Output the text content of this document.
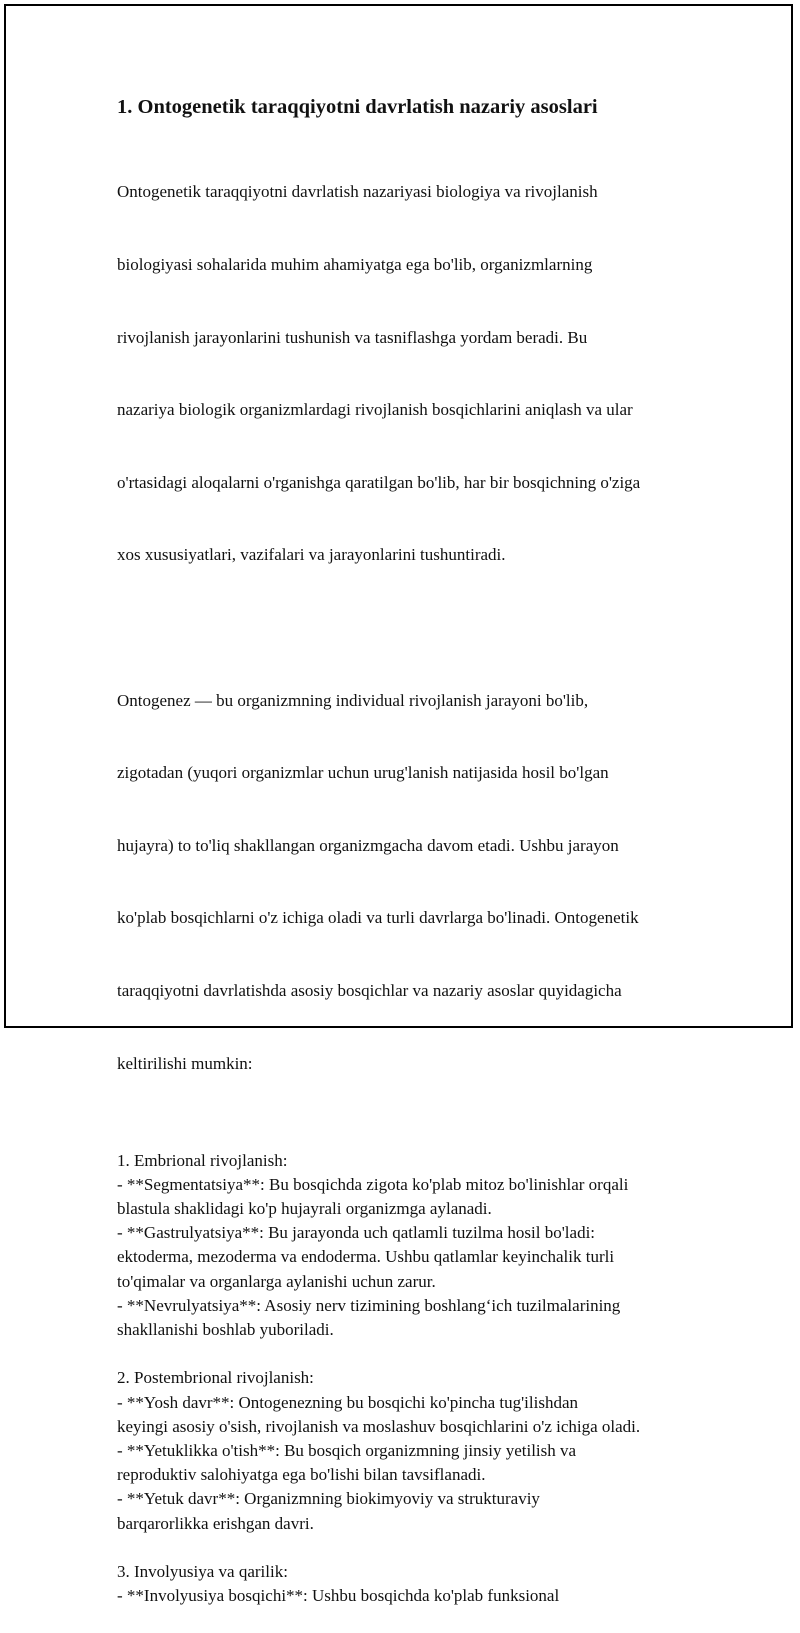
1. Ontogenetik taraqqiyotni davrlatish nazariy asoslari

Ontogenetik taraqqiyotni davrlatish nazariyasi biologiya va rivojlanish

biologiyasi sohalarida muhim ahamiyatga ega bo'lib, organizmlarning

rivojlanish jarayonlarini tushunish va tasniflashga yordam beradi. Bu

nazariya biologik organizmlardagi rivojlanish bosqichlarini aniqlash va ular

o'rtasidagi aloqalarni o'rganishga qaratilgan bo'lib, har bir bosqichning o'ziga

xos xususiyatlari, vazifalari va jarayonlarini tushuntiradi.

Ontogenez — bu organizmning individual rivojlanish jarayoni bo'lib,

zigotadan (yuqori organizmlar uchun urug'lanish natijasida hosil bo'lgan

hujayra) to to'liq shakllangan organizmgacha davom etadi. Ushbu jarayon

ko'plab bosqichlarni o'z ichiga oladi va turli davrlarga bo'linadi. Ontogenetik

taraqqiyotni davrlatishda asosiy bosqichlar va nazariy asoslar quyidagicha

keltirilishi mumkin:

1. Embrional rivojlanish:
- **Segmentatsiya**: Bu bosqichda zigota ko'plab mitoz bo'linishlar orqali
blastula shaklidagi ko'p hujayrali organizmga aylanadi.
- **Gastrulyatsiya**: Bu jarayonda uch qatlamli tuzilma hosil bo'ladi:
ektoderma, mezoderma va endoderma. Ushbu qatlamlar keyinchalik turli
to'qimalar va organlarga aylanishi uchun zarur.
- **Nevrulyatsiya**: Asosiy nerv tizimining boshlang‘ich tuzilmalarining
shakllanishi boshlab yuboriladi.
2. Postembrional rivojlanish:
- **Yosh davr**: Ontogenezning bu bosqichi ko'pincha tug'ilishdan
keyingi asosiy o'sish, rivojlanish va moslashuv bosqichlarini o'z ichiga oladi.
- **Yetuklikka o'tish**: Bu bosqich organizmning jinsiy yetilish va
reproduktiv salohiyatga ega bo'lishi bilan tavsiflanadi.
- **Yetuk davr**: Organizmning biokimyoviy va strukturaviy
barqarorlikka erishgan davri.
3. Involyusiya va qarilik:
- **Involyusiya bosqichi**: Ushbu bosqichda ko'plab funksional
